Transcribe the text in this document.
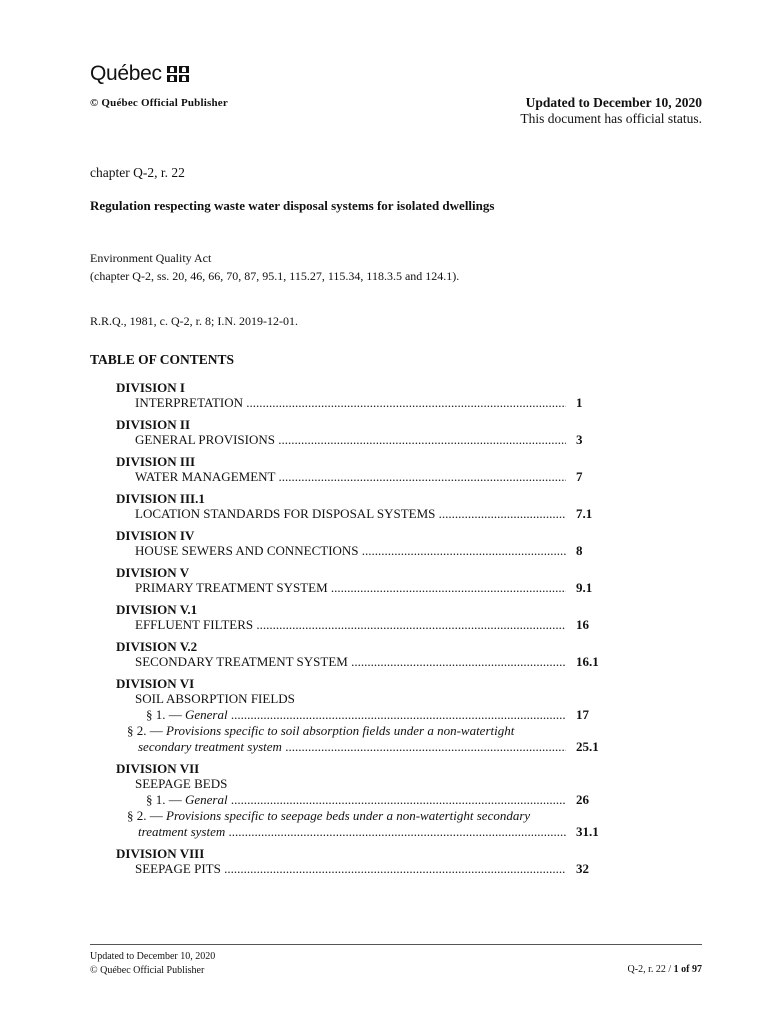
Québec
© Québec Official Publisher	Updated to December 10, 2020
This document has official status.
chapter Q-2, r. 22
Regulation respecting waste water disposal systems for isolated dwellings
Environment Quality Act
(chapter Q-2, ss. 20, 46, 66, 70, 87, 95.1, 115.27, 115.34, 118.3.5 and 124.1).
R.R.Q., 1981, c. Q-2, r. 8; I.N. 2019-12-01.
TABLE OF CONTENTS
DIVISION I
INTERPRETATION .....	1
DIVISION II
GENERAL PROVISIONS .....	3
DIVISION III
WATER MANAGEMENT .....	7
DIVISION III.1
LOCATION STANDARDS FOR DISPOSAL SYSTEMS .....	7.1
DIVISION IV
HOUSE SEWERS AND CONNECTIONS .....	8
DIVISION V
PRIMARY TREATMENT SYSTEM .....	9.1
DIVISION V.1
EFFLUENT FILTERS .....	16
DIVISION V.2
SECONDARY TREATMENT SYSTEM .....	16.1
DIVISION VI
SOIL ABSORPTION FIELDS
§ 1. — General .....	17
§ 2. — Provisions specific to soil absorption fields under a non-watertight
secondary treatment system .....	25.1
DIVISION VII
SEEPAGE BEDS
§ 1. — General .....	26
§ 2. — Provisions specific to seepage beds under a non-watertight secondary
treatment system .....	31.1
DIVISION VIII
SEEPAGE PITS .....	32
Updated to December 10, 2020
© Québec Official Publisher	Q-2, r. 22 / 1 of 97
